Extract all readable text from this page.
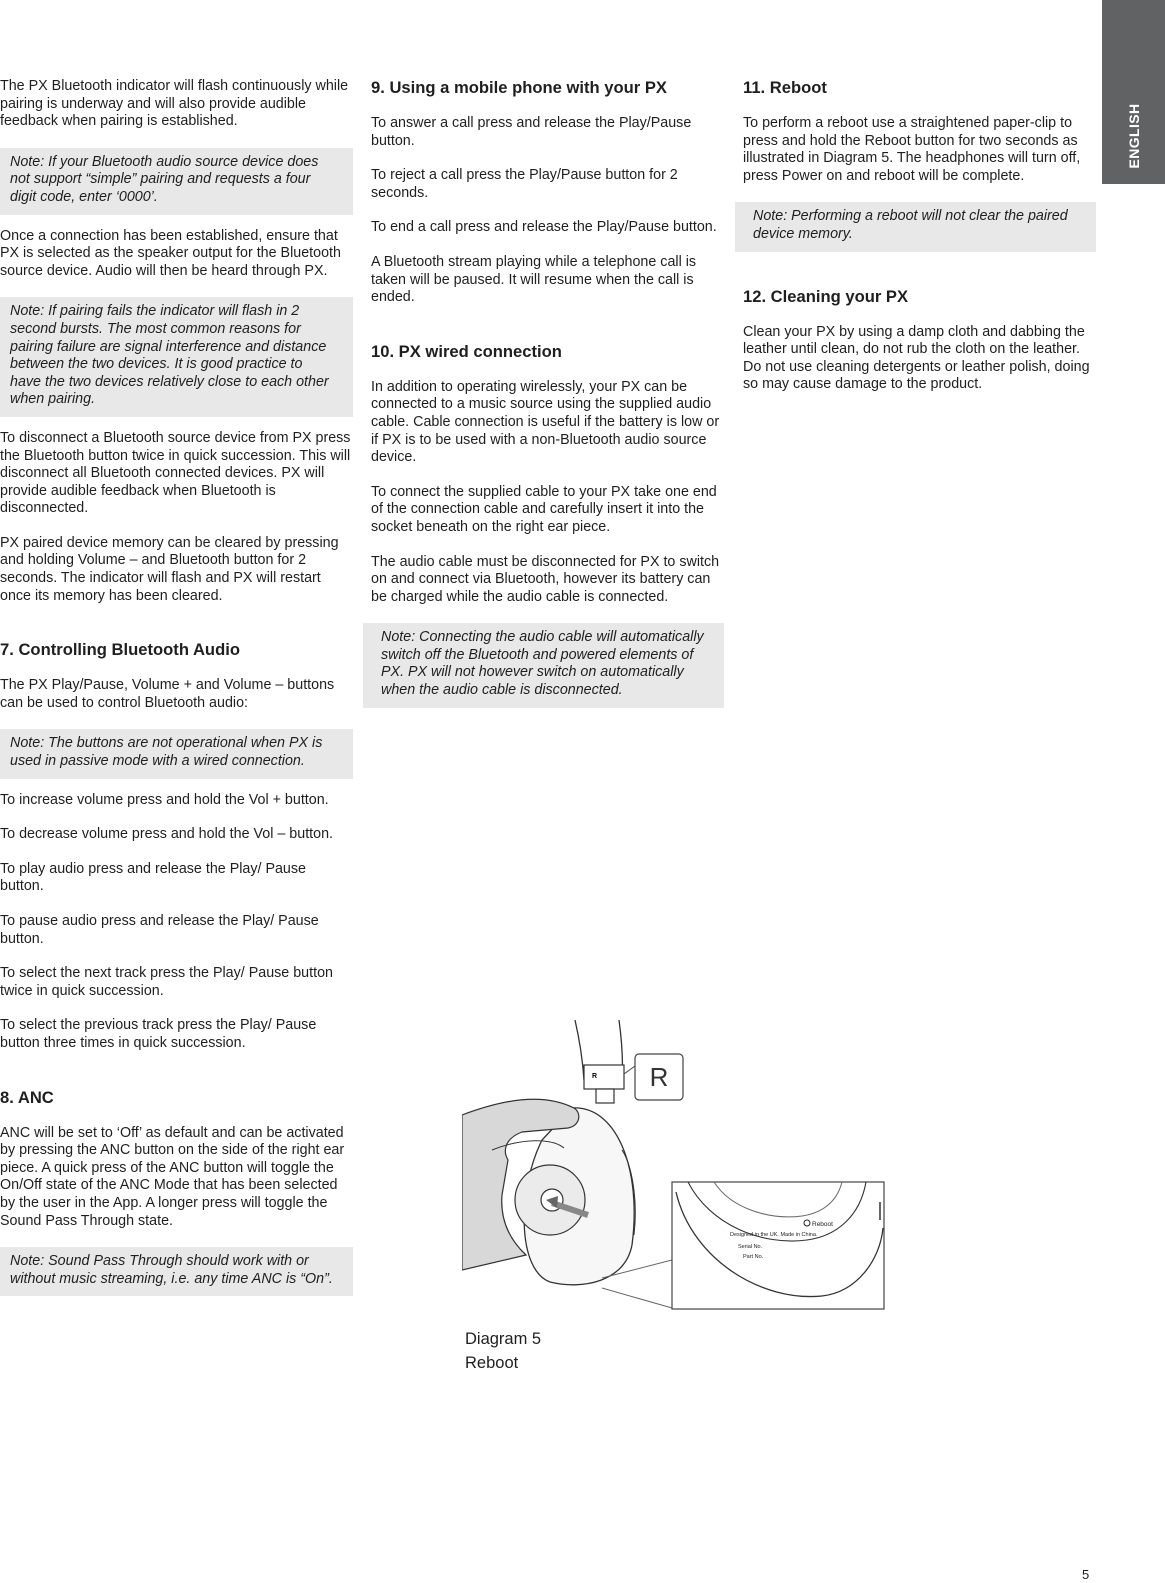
ENGLISH

The PX Bluetooth indicator will flash continuously while pairing is underway and will also provide audible feedback when pairing is established.

Note: If your Bluetooth audio source device does not support “simple” pairing and requests a four digit code, enter ‘0000’.

Once a connection has been established, ensure that PX is selected as the speaker output for the Bluetooth source device. Audio will then be heard through PX.

Note: If pairing fails the indicator will flash in 2 second bursts. The most common reasons for pairing failure are signal interference and distance between the two devices. It is good practice to have the two devices relatively close to each other when pairing.

To disconnect a Bluetooth source device from PX press the Bluetooth button twice in quick succession. This will disconnect all Bluetooth connected devices. PX will provide audible feedback when Bluetooth is disconnected.

PX paired device memory can be cleared by pressing and holding Volume – and Bluetooth button for 2 seconds. The indicator will flash and PX will restart once its memory has been cleared.

7. Controlling Bluetooth Audio

The PX Play/Pause, Volume + and Volume – buttons can be used to control Bluetooth audio:

Note: The buttons are not operational when PX is used in passive mode with a wired connection.

To increase volume press and hold the Vol + button.

To decrease volume press and hold the Vol – button.

To play audio press and release the Play/ Pause button.

To pause audio press and release the Play/ Pause button.

To select the next track press the Play/ Pause button twice in quick succession.

To select the previous track press the Play/ Pause button three times in quick succession.

8. ANC

ANC will be set to ‘Off’ as default and can be activated by pressing the ANC button on the side of the right ear piece. A quick press of the ANC button will toggle the On/Off state of the ANC Mode that has been selected by the user in the App. A longer press will toggle the Sound Pass Through state.

Note: Sound Pass Through should work with or without music streaming, i.e. any time ANC is “On”.
9. Using a mobile phone with your PX

To answer a call press and release the Play/Pause button.

To reject a call press the Play/Pause button for 2 seconds.

To end a call press and release the Play/Pause button.

A Bluetooth stream playing while a telephone call is taken will be paused. It will resume when the call is ended.

10. PX wired connection

In addition to operating wirelessly, your PX can be connected to a music source using the supplied audio cable. Cable connection is useful if the battery is low or if PX is to be used with a non-Bluetooth audio source device.

To connect the supplied cable to your PX take one end of the connection cable and carefully insert it into the socket beneath on the right ear piece.

The audio cable must be disconnected for PX to switch on and connect via Bluetooth, however its battery can be charged while the audio cable is connected.

Note: Connecting the audio cable will automatically switch off the Bluetooth and powered elements of PX. PX will not however switch on automatically when the audio cable is disconnected.
11. Reboot

To perform a reboot use a straightened paper-clip to press and hold the Reboot button for two seconds as illustrated in Diagram 5. The headphones will turn off, press Power on and reboot will be complete.

Note: Performing a reboot will not clear the paired device memory.
12. Cleaning your PX

Clean your PX by using a damp cloth and dabbing the leather until clean, do not rub the cloth on the leather. Do not use cleaning detergents or leather polish, doing so may cause damage to the product.

R R
Reboot
Designed in the UK. Made in China.
Serial No.
Part No.
Diagram 5
Reboot
5
